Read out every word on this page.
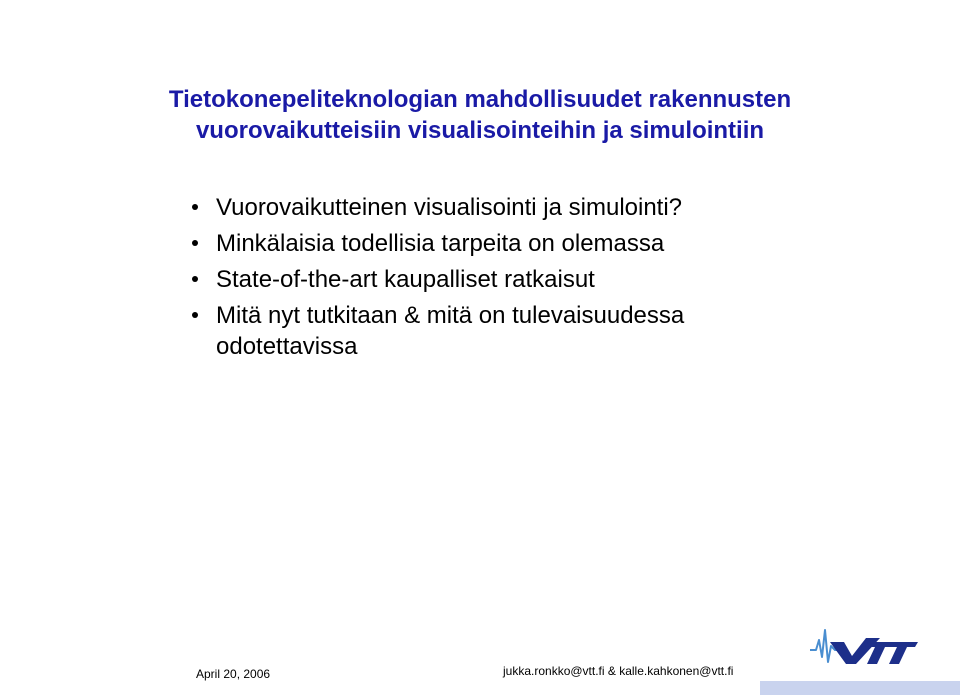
Tietokonepeliteknologian mahdollisuudet rakennusten
vuorovaikutteisiin visualisointeihin ja simulointiin
Vuorovaikutteinen visualisointi ja simulointi?
Minkälaisia todellisia tarpeita on olemassa
State-of-the-art kaupalliset ratkaisut
Mitä nyt tutkitaan & mitä on tulevaisuudessa odotettavissa
April 20, 2006	jukka.ronkko@vtt.fi & kalle.kahkonen@vtt.fi
